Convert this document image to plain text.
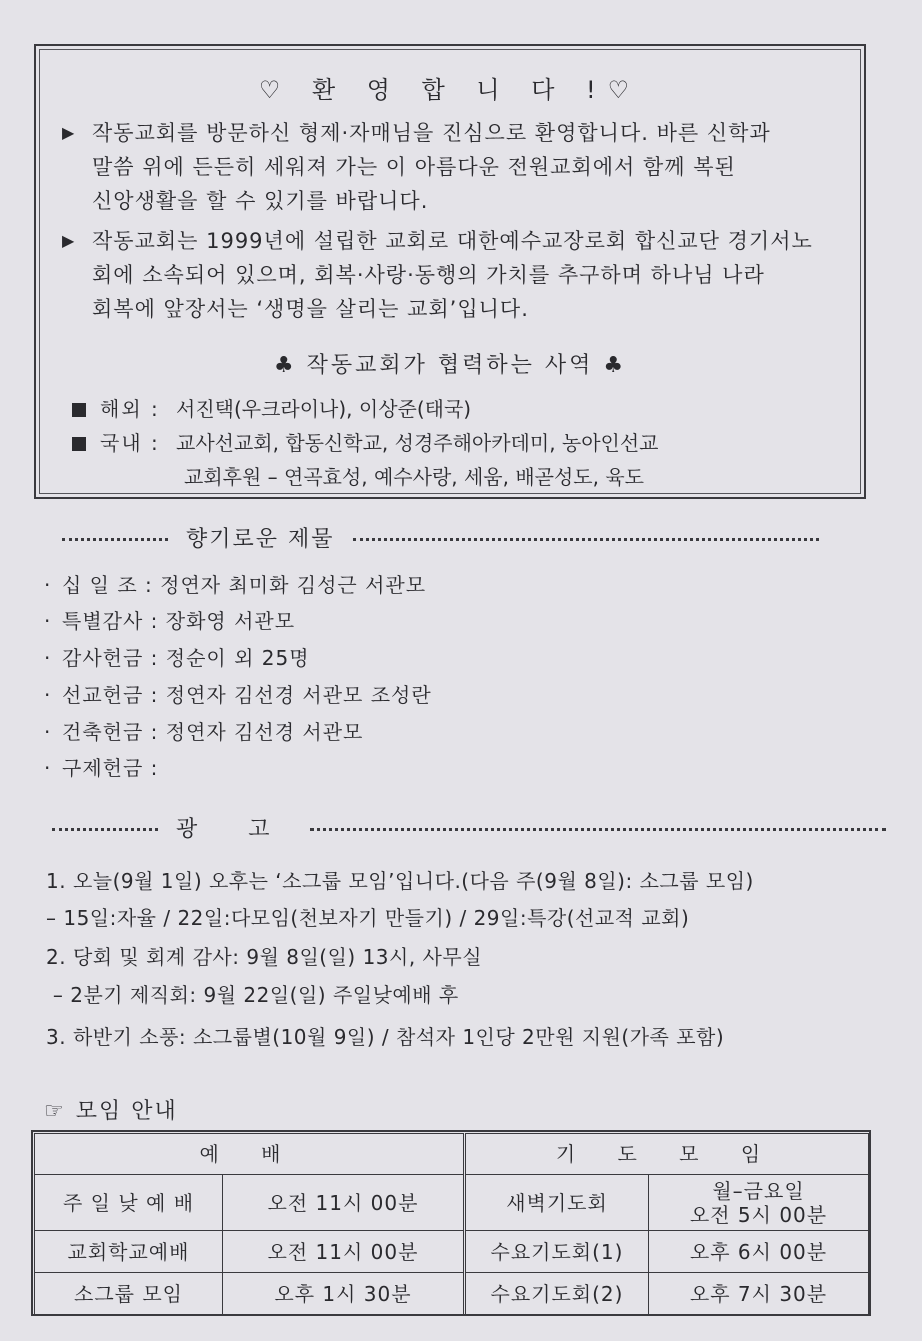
♡ 환 영 합 니 다 !♡
▶ 작동교회를 방문하신 형제·자매님을 진심으로 환영합니다. 바른 신학과
말씀 위에 든든히 세워져 가는 이 아름다운 전원교회에서 함께 복된
신앙생활을 할 수 있기를 바랍니다.
▶ 작동교회는 1999년에 설립한 교회로 대한예수교장로회 합신교단 경기서노
회에 소속되어 있으며, 회복·사랑·동행의 가치를 추구하며 하나님 나라
회복에 앞장서는 ‘생명을 살리는 교회’입니다.
♣ 작동교회가 협력하는 사역 ♣
해외 : 서진택(우크라이나), 이상준(태국)
국내 : 교사선교회, 합동신학교, 성경주해아카데미, 농아인선교
교회후원 – 연곡효성, 예수사랑, 세움, 배곧성도, 육도
향기로운 제물
· 십 일 조 : 정연자 최미화 김성근 서관모
· 특별감사 : 장화영 서관모
· 감사헌금 : 정순이 외 25명
· 선교헌금 : 정연자 김선경 서관모 조성란
· 건축헌금 : 정연자 김선경 서관모
· 구제헌금 :
광 고
1. 오늘(9월 1일) 오후는 ‘소그룹 모임’입니다.(다음 주(9월 8일): 소그룹 모임)
– 15일:자율 / 22일:다모임(천보자기 만들기) / 29일:특강(선교적 교회)
2. 당회 및 회계 감사: 9월 8일(일) 13시, 사무실
– 2분기 제직회: 9월 22일(일) 주일낮예배 후
3. 하반기 소풍: 소그룹별(10월 9일) / 참석자 1인당 2만원 지원(가족 포함)
☞ 모임 안내
예 배		기 도 모 임	
주 일 낮 예 배	오전 11시 00분	새벽기도회	월–금요일
오전 5시 00분

교회학교예배	오전 11시 00분	수요기도회(1)	오후 6시 00분
소그룹 모임	오후 1시 30분	수요기도회(2)	오후 7시 30분
